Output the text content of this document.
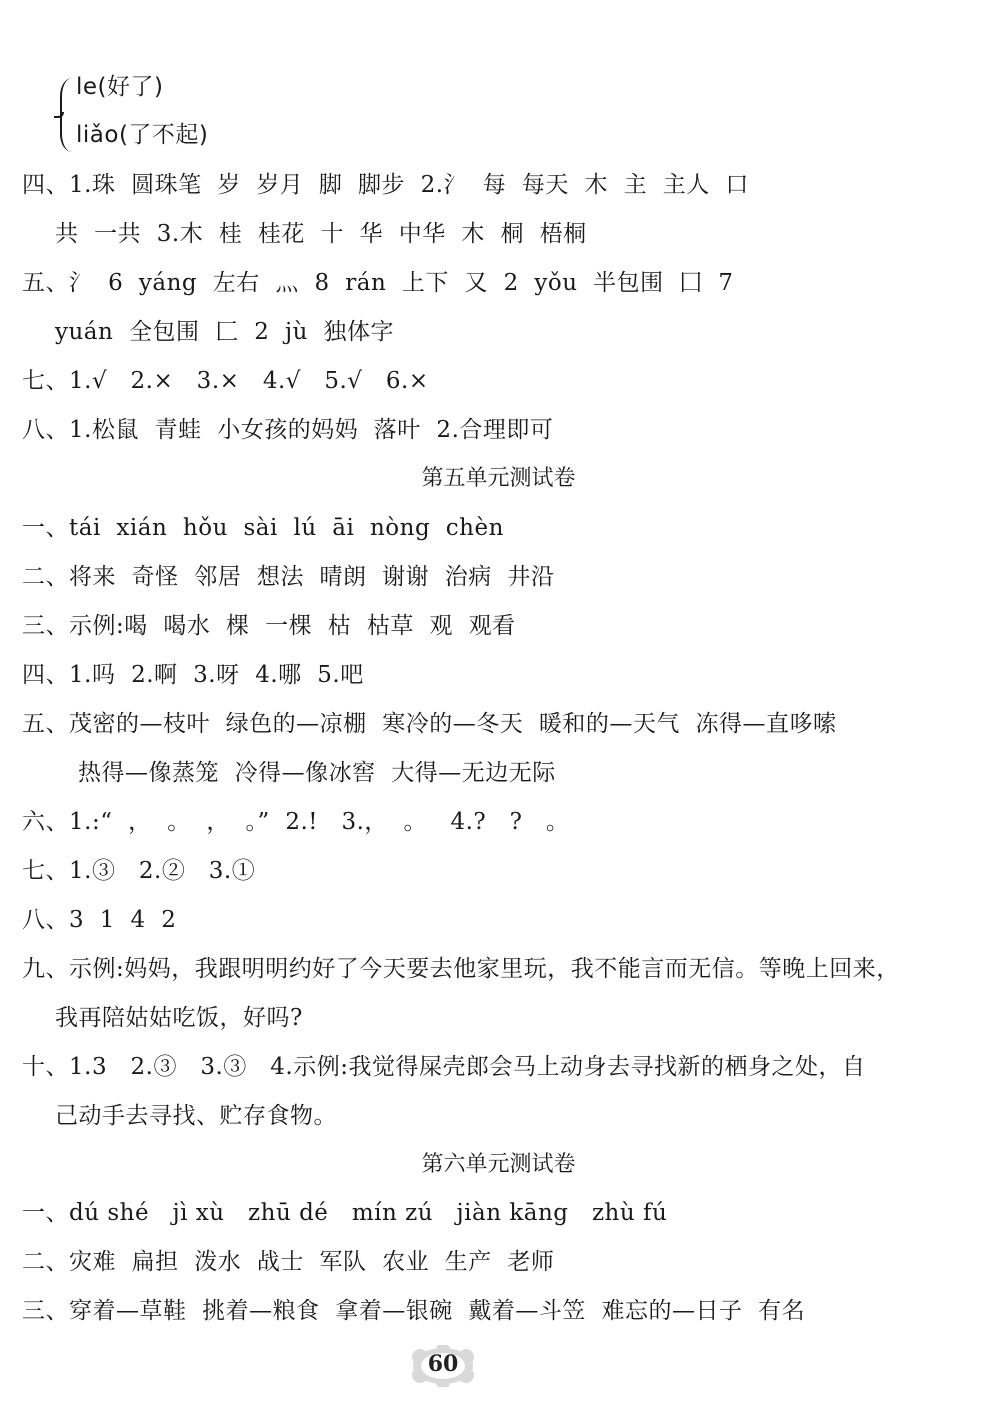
le(好了)
liǎo(了不起)
四、1.珠  圆珠笔  岁  岁月  脚  脚步  2.氵  每  每天  木  主  主人  口
共  一共  3.木  桂  桂花  十  华  中华  木  桐  梧桐
五、氵  6  yáng  左右  灬  8  rán  上下  又  2  yǒu  半包围  囗  7
yuán  全包围  匚  2  jù  独体字
七、1.√   2.×   3.×   4.√   5.√   6.×
八、1.松鼠  青蛙  小女孩的妈妈  落叶  2.合理即可
第五单元测试卷
一、tái  xián  hǒu  sài  lú  āi  nòng  chèn
二、将来  奇怪  邻居  想法  晴朗  谢谢  治病  井沿
三、示例:喝  喝水  棵  一棵  枯  枯草  观  观看
四、1.吗  2.啊  3.呀  4.哪  5.吧
五、茂密的—枝叶  绿色的—凉棚  寒冷的—冬天  暖和的—天气  冻得—直哆嗦
热得—像蒸笼  冷得—像冰窖  大得—无边无际
六、1.:“  ，  。  ，  。”  2.!   3.，  。   4.?   ?   。
七、1.③   2.②   3.①
八、3  1  4  2
九、示例:妈妈，我跟明明约好了今天要去他家里玩，我不能言而无信。等晚上回来，
我再陪姑姑吃饭，好吗?
十、1.3   2.③   3.③   4.示例:我觉得屎壳郎会马上动身去寻找新的栖身之处，自
己动手去寻找、贮存食物。
第六单元测试卷
一、dú shé   jì xù   zhū dé   mín zú   jiàn kāng   zhù fú
二、灾难  扁担  泼水  战士  军队  农业  生产  老师
三、穿着—草鞋  挑着—粮食  拿着—银碗  戴着—斗笠  难忘的—日子  有名
60
